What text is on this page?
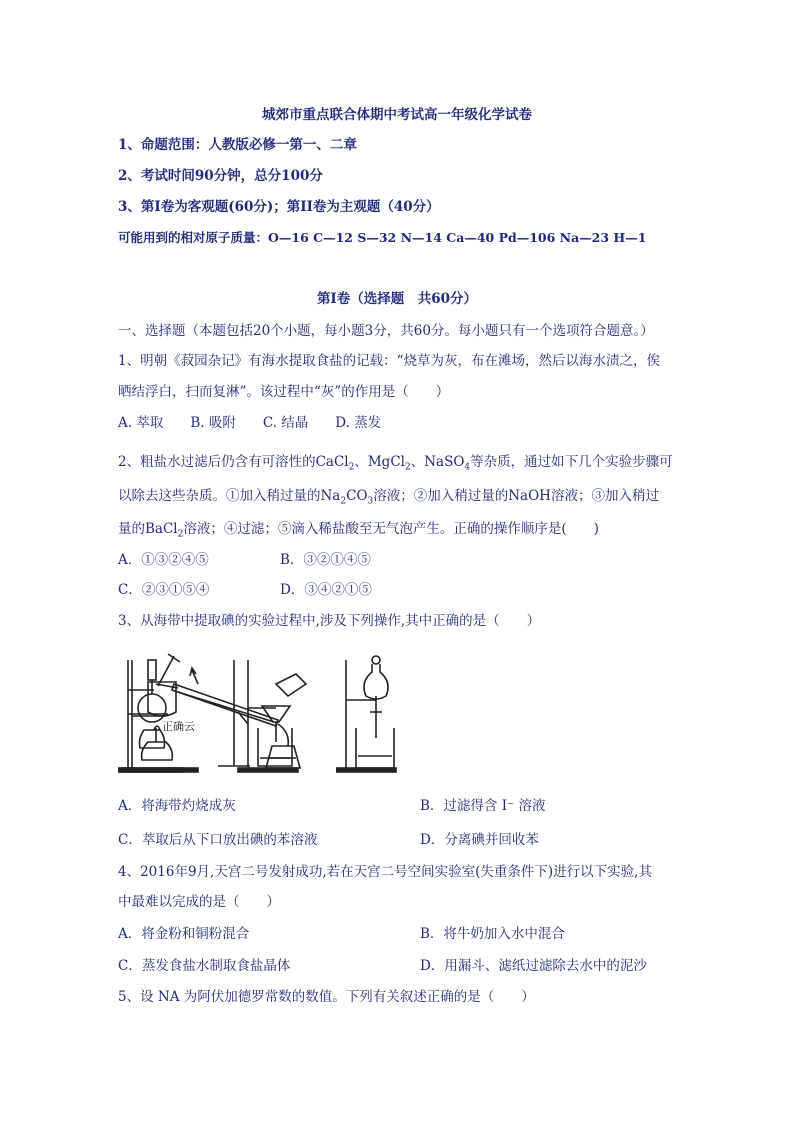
城郊市重点联合体期中考试高一年级化学试卷
1、命题范围：人教版必修一第一、二章
2、考试时间90分钟，总分100分
3、第Ⅰ卷为客观题(60分)；第II卷为主观题（40分）
可能用到的相对原子质量：O—16 C—12 S—32 N—14 Ca—40 Pd—106 Na—23 H—1
第Ⅰ卷（选择题　共60分）
一、选择题（本题包括20个小题，每小题3分，共60分。每小题只有一个选项符合题意。）
1、明朝《菽园杂记》有海水提取食盐的记载：“烧草为灰，布在滩场，然后以海水渍之，俟
晒结浮白，扫而复淋”。该过程中“灰”的作用是（　　）
A. 萃取　　B. 吸附　　C. 结晶　　D. 蒸发
2、粗盐水过滤后仍含有可溶性的CaCl$_2$、MgCl$_2$、NaSO$_4$等杂质，通过如下几个实验步骤可
以除去这些杂质。①加入稍过量的$Na_2CO_3$溶液；②加入稍过量的NaOH溶液；③加入稍过
量的BaCl$_2$溶液；④过滤；⑤滴入稀盐酸至无气泡产生。正确的操作顺序是(　　)
A．①③②④⑤	B．③②①④⑤
C．②③①⑤④	D．③④②①⑤
3、从海带中提取碘的实验过程中,涉及下列操作,其中正确的是（　　）
正确云
A．将海带灼烧成灰	B．过滤得含 I⁻ 溶液
C．萃取后从下口放出碘的苯溶液	D．分离碘并回收苯
4、2016年9月,天宫二号发射成功,若在天宫二号空间实验室(失重条件下)进行以下实验,其
中最难以完成的是（　　）
A．将金粉和铜粉混合	B．将牛奶加入水中混合
C．蒸发食盐水制取食盐晶体	D．用漏斗、滤纸过滤除去水中的泥沙
5、设 NA 为阿伏加德罗常数的数值。下列有关叙述正确的是（　　）
